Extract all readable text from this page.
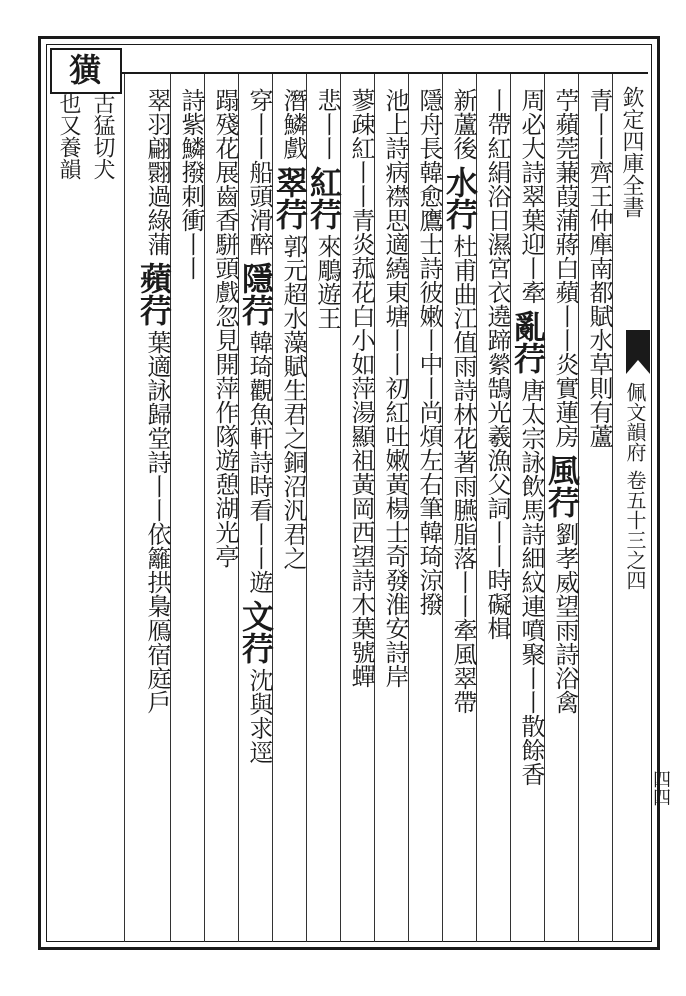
欽定四庫全書
佩文韻府
卷五十三之四
四四
青丨丨齊王仲㢑南都賦水草則有蘆
苧蘋莞蒹葭蒲蔣白蘋丨丨炎實蓮房
風荇
劉孝威望雨詩浴禽
周必大詩翠葉迎丨牽
亂荇
唐太宗詠飲馬詩細紋連噴聚丨丨散餘香
丨帶紅絹浴日濕宮衣
遶蹄縈鵠光羲漁父詞丨丨時礙楫
新蘆後
水荇
杜甫曲江值雨詩林花著雨臙脂落丨丨牽風翠帶
隱舟
長韓愈鷹士詩彼嫩丨中丨尚煩左右筆韓琦涼撥
池上詩病襟思適繞東塘丨丨初紅吐嫩黃楊士奇發淮安詩岸
蓼疎紅丨丨青炎菰花白小如萍湯顯祖黃岡西望詩木葉號蟬
悲丨丨
紅荇
來鵰遊王
潛鱗戲
翠荇
郭元超水藻賦生君之銅沼汎君之
穿丨丨船頭滑醉
隱荇
韓琦觀魚軒詩時看丨丨
遊
文荇
沈與求逕
蹋殘花展齒香
駢頭戲忽見開萍作隊遊
憩湖光亭
詩紫鱗撥刺衝丨丨
翠羽翩翾過綠蒲
蘋荇
葉適詠歸堂詩丨丨依籬拱梟鴈宿庭戶
獚
古猛切犬
也又養韻
